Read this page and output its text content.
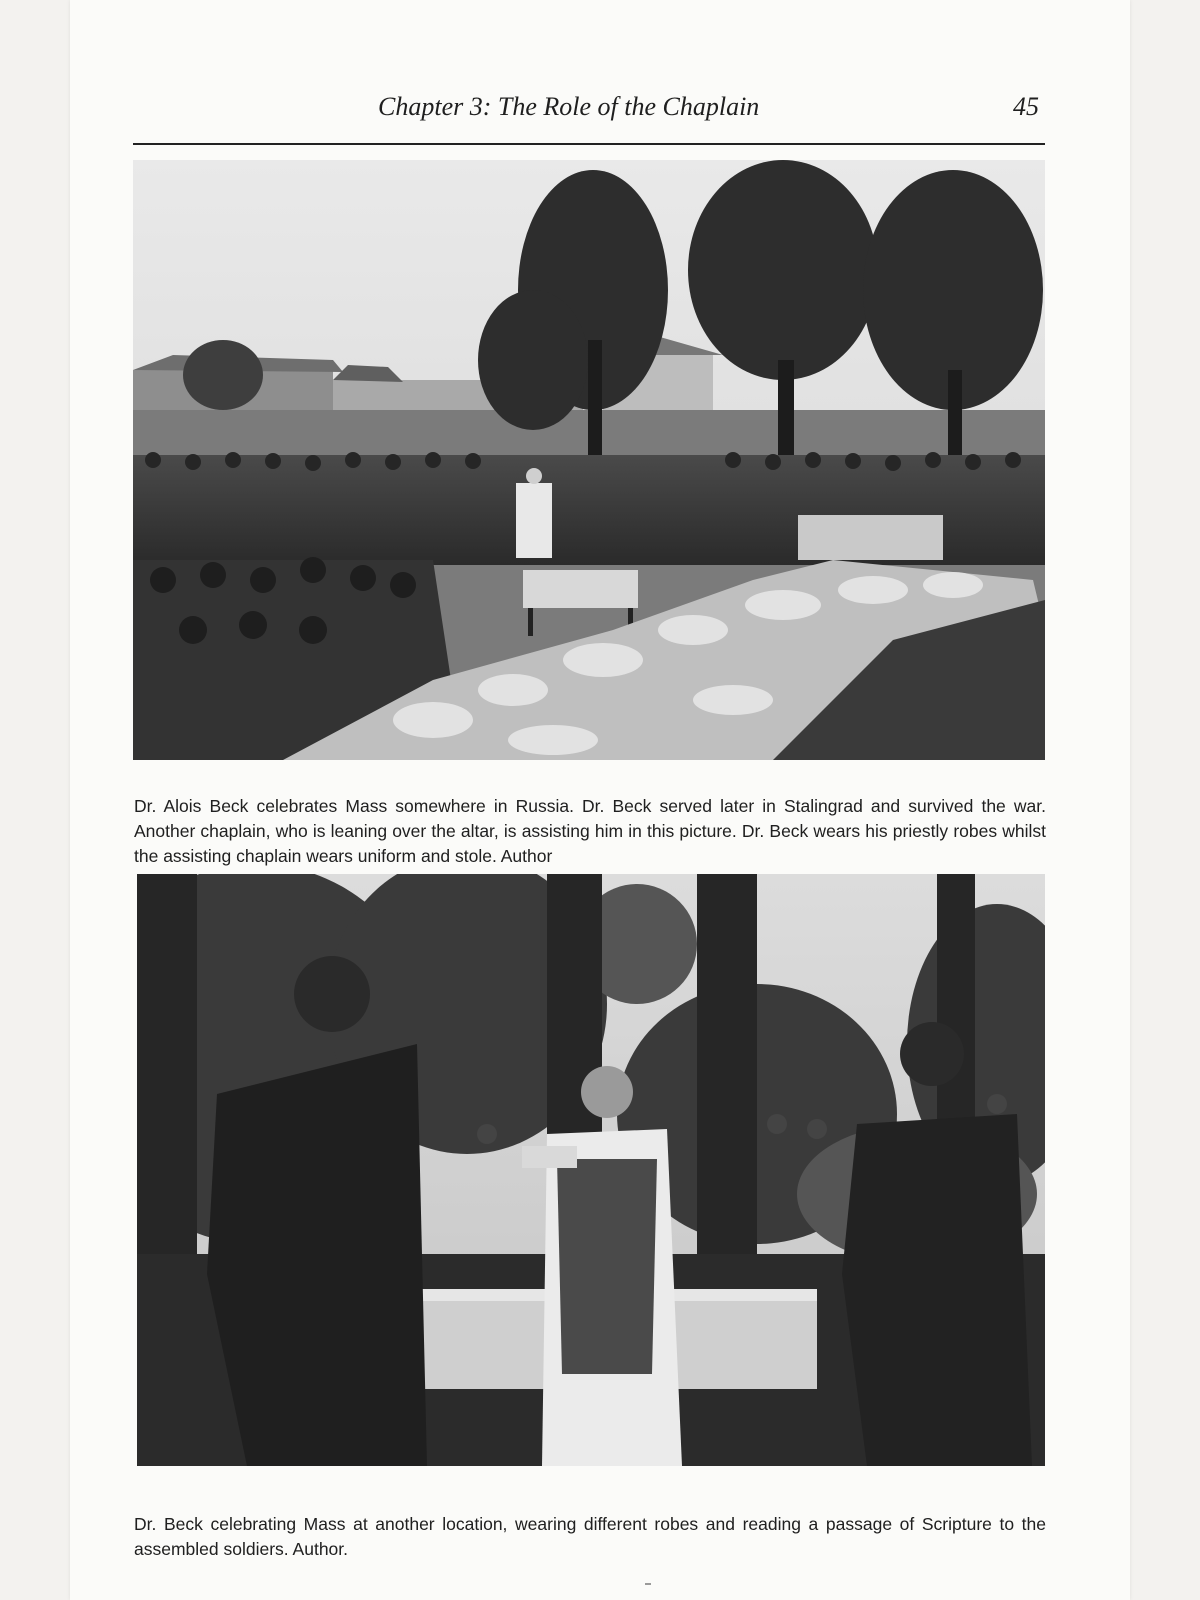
Chapter 3: The Role of the Chaplain	45

Dr. Alois Beck celebrates Mass somewhere in Russia. Dr. Beck served later in Stalingrad and survived the war. Another chaplain, who is leaning over the altar, is assisting him in this picture. Dr. Beck wears his priestly robes whilst the assisting chaplain wears uniform and stole. Author

Dr. Beck celebrating Mass at another location, wearing different robes and reading a passage of Scripture to the assembled soldiers. Author.
